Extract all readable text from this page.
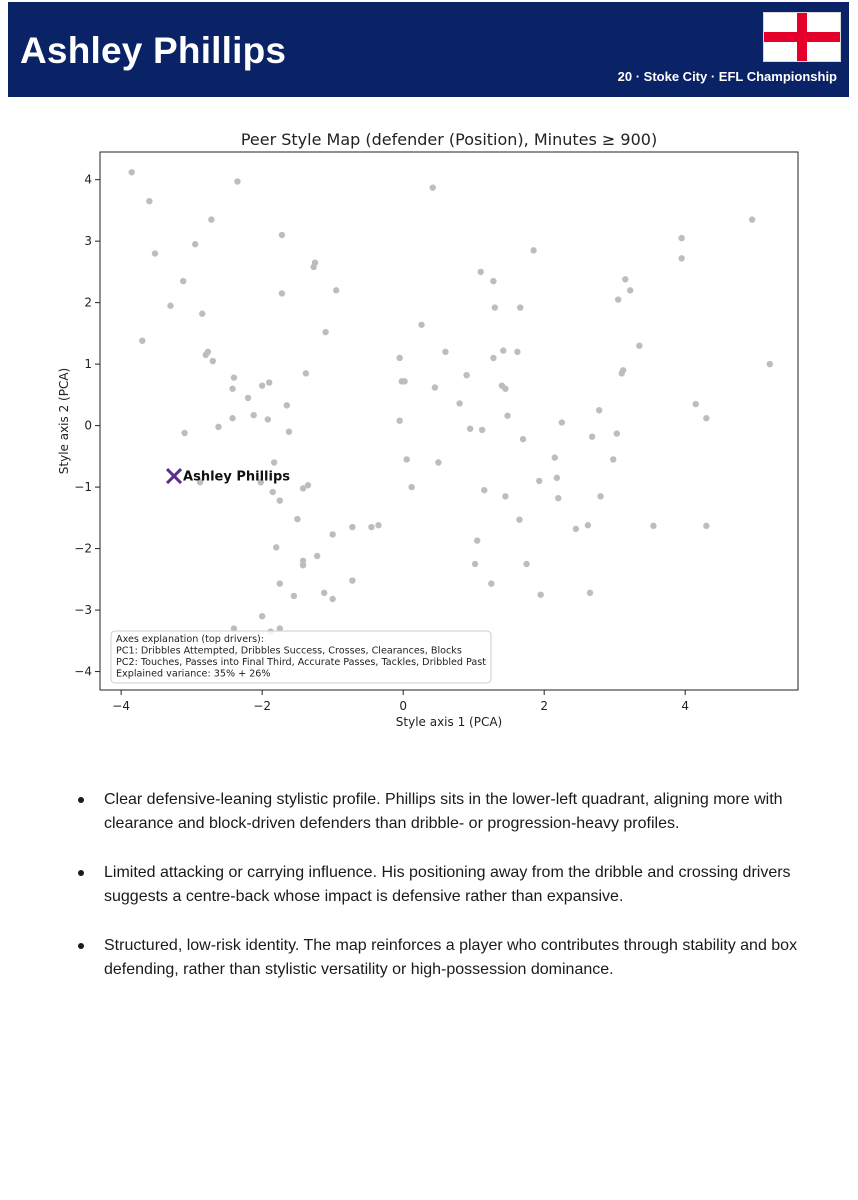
Ashley Phillips
20 · Stoke City · EFL Championship
Peer Style Map (defender (Position), Minutes ≥ 900)
−4	−2	0	2	4
−4
−3
−2
−1
0
1
2
3
4
Ashley Phillips
Axes explanation (top drivers):
PC1: Dribbles Attempted, Dribbles Success, Crosses, Clearances, Blocks
PC2: Touches, Passes into Final Third, Accurate Passes, Tackles, Dribbled Past
Explained variance: 35% + 26%
Style axis 1 (PCA)
Style axis 2 (PCA)
Clear defensive-leaning stylistic profile. Phillips sits in the lower-left quadrant, aligning more with clearance and block-driven defenders than dribble- or progression-heavy profiles.
Limited attacking or carrying influence. His positioning away from the dribble and crossing drivers suggests a centre-back whose impact is defensive rather than expansive.
Structured, low-risk identity. The map reinforces a player who contributes through stability and box defending, rather than stylistic versatility or high-possession dominance.
